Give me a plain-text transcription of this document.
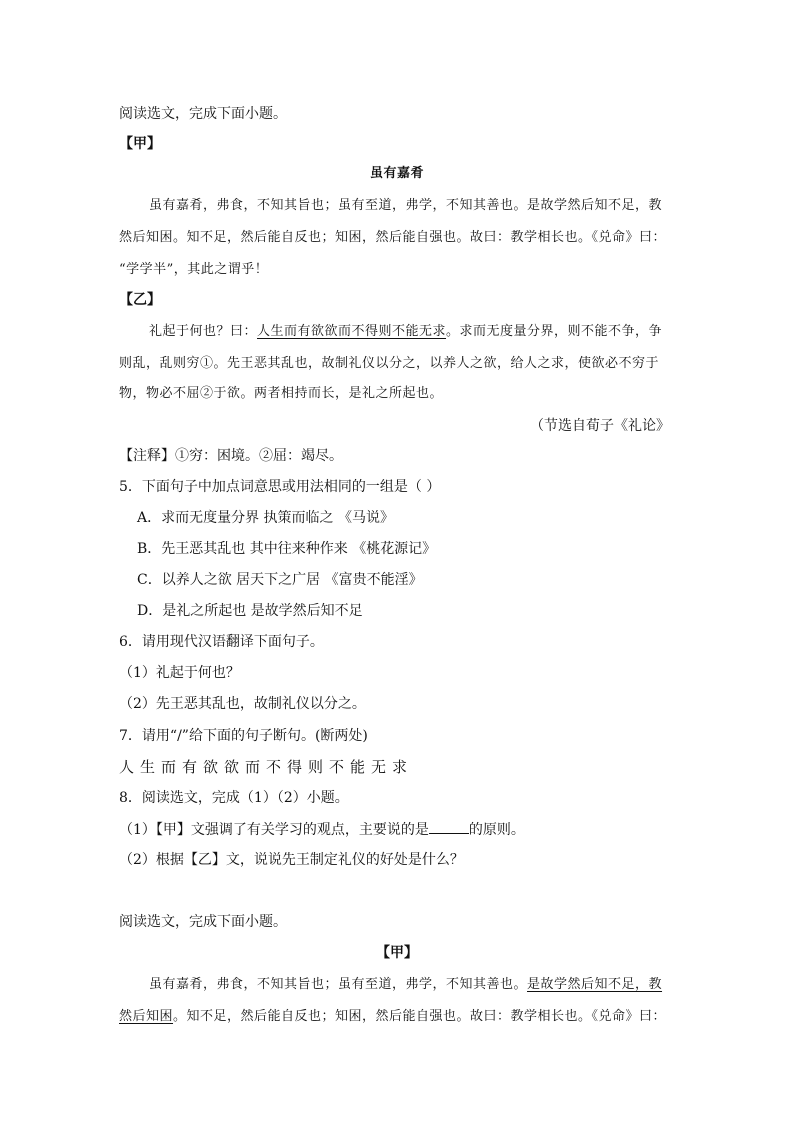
阅读选文，完成下面小题。
【甲】
虽有嘉肴
虽有嘉肴，弗食，不知其旨也；虽有至道，弗学，不知其善也。是故学然后知不足，教
然后知困。知不足，然后能自反也；知困，然后能自强也。故曰：教学相长也。《兑命》曰：
“学学半”，其此之谓乎！
【乙】
礼起于何也？曰：人生而有欲欲而不得则不能无求。求而无度量分界，则不能不争，争
则乱，乱则穷①。先王恶其乱也，故制礼仪以分之，以养人之欲，给人之求，使欲必不穷于
物，物必不屈②于欲。两者相持而长，是礼之所起也。
（节选自荀子《礼论》
【注释】①穷：困境。②屈：竭尽。
5．下面句子中加点词意思或用法相同的一组是（ ）
A．求而无度量分界 执策而临之 《马说》
B．先王恶其乱也 其中往来种作来 《桃花源记》
C．以养人之欲 居天下之广居 《富贵不能淫》
D．是礼之所起也 是故学然后知不足
6．请用现代汉语翻译下面句子。
（1）礼起于何也？
（2）先王恶其乱也，故制礼仪以分之。
7．请用“/”给下面的句子断句。(断两处)
人生而有欲欲而不得则不能无求
8．阅读选文，完成（1）（2）小题。
（1）【甲】文强调了有关学习的观点，主要说的是	的原则。
（2）根据【乙】文，说说先王制定礼仪的好处是什么？
阅读选文，完成下面小题。
【甲】
虽有嘉肴，弗食，不知其旨也；虽有至道，弗学，不知其善也。是故学然后知不足，教
然后知困。知不足，然后能自反也；知困，然后能自强也。故曰：教学相长也。《兑命》曰：
